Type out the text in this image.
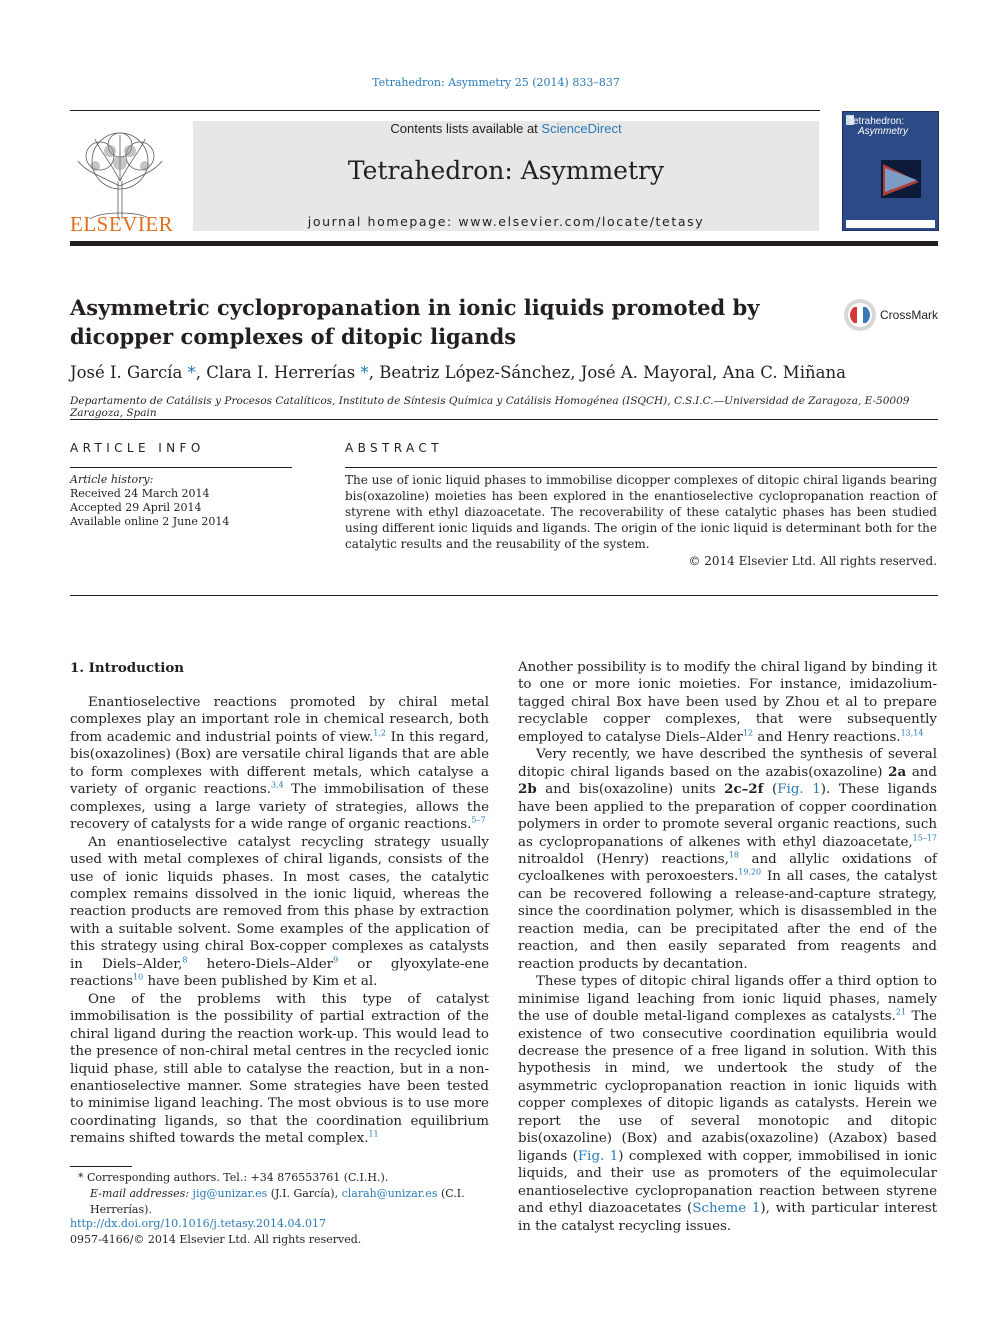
Tetrahedron: Asymmetry 25 (2014) 833–837
ELSEVIER
Contents lists available at ScienceDirect
Tetrahedron: Asymmetry
journal homepage: www.elsevier.com/locate/tetasy
Tetrahedron:
Asymmetry
Asymmetric cyclopropanation in ionic liquids promoted by dicopper complexes of ditopic ligands
CrossMark
José I. García *, Clara I. Herrerías *, Beatriz López-Sánchez, José A. Mayoral, Ana C. Miñana
Departamento de Catálisis y Procesos Catalíticos, Instituto de Síntesis Química y Catálisis Homogénea (ISQCH), C.S.I.C.—Universidad de Zaragoza, E-50009 Zaragoza, Spain
ARTICLE INFO
Article history:
Received 24 March 2014
Accepted 29 April 2014
Available online 2 June 2014
ABSTRACT
The use of ionic liquid phases to immobilise dicopper complexes of ditopic chiral ligands bearing bis(oxazoline) moieties has been explored in the enantioselective cyclopropanation reaction of styrene with ethyl diazoacetate. The recoverability of these catalytic phases has been studied using different ionic liquids and ligands. The origin of the ionic liquid is determinant both for the catalytic results and the reusability of the system.
© 2014 Elsevier Ltd. All rights reserved.
1. Introduction

Enantioselective reactions promoted by chiral metal complexes play an important role in chemical research, both from academic and industrial points of view.$^{1,2}$ In this regard, bis(oxazolines) (Box) are versatile chiral ligands that are able to form complexes with different metals, which catalyse a variety of organic reactions.$^{3,4}$ The immobilisation of these complexes, using a large variety of strategies, allows the recovery of catalysts for a wide range of organic reactions.$^{5-7}$

An enantioselective catalyst recycling strategy usually used with metal complexes of chiral ligands, consists of the use of ionic liquids phases. In most cases, the catalytic complex remains dissolved in the ionic liquid, whereas the reaction products are removed from this phase by extraction with a suitable solvent. Some examples of the application of this strategy using chiral Box-copper complexes as catalysts in Diels–Alder,$^8$ hetero-Diels–Alder$^9$ or glyoxylate-ene reactions$^{10}$ have been published by Kim et al.

One of the problems with this type of catalyst immobilisation is the possibility of partial extraction of the chiral ligand during the reaction work-up. This would lead to the presence of non-chiral metal centres in the recycled ionic liquid phase, still able to catalyse the reaction, but in a non-enantioselective manner. Some strategies have been tested to minimise ligand leaching. The most obvious is to use more coordinating ligands, so that the coordination equilibrium remains shifted towards the metal complex.$^{11}$

Another possibility is to modify the chiral ligand by binding it to one or more ionic moieties. For instance, imidazolium-tagged chiral Box have been used by Zhou et al to prepare recyclable copper complexes, that were subsequently employed to catalyse Diels–Alder$^{12}$ and Henry reactions.$^{13,14}$

Very recently, we have described the synthesis of several ditopic chiral ligands based on the azabis(oxazoline) 2a and 2b and bis(oxazoline) units 2c–2f (Fig. 1). These ligands have been applied to the preparation of copper coordination polymers in order to promote several organic reactions, such as cyclopropanations of alkenes with ethyl diazoacetate,$^{15-17}$ nitroaldol (Henry) reactions,$^{18}$ and allylic oxidations of cycloalkenes with peroxoesters.$^{19,20}$ In all cases, the catalyst can be recovered following a release-and-capture strategy, since the coordination polymer, which is disassembled in the reaction media, can be precipitated after the end of the reaction, and then easily separated from reagents and reaction products by decantation.

These types of ditopic chiral ligands offer a third option to minimise ligand leaching from ionic liquid phases, namely the use of double metal-ligand complexes as catalysts.$^{21}$ The existence of two consecutive coordination equilibria would decrease the presence of a free ligand in solution. With this hypothesis in mind, we undertook the study of the asymmetric cyclopropanation reaction in ionic liquids with copper complexes of ditopic ligands as catalysts. Herein we report the use of several monotopic and ditopic bis(oxazoline) (Box) and azabis(oxazoline) (Azabox) based ligands (Fig. 1) complexed with copper, immobilised in ionic liquids, and their use as promoters of the equimolecular enantioselective cyclopropanation reaction between styrene and ethyl diazoacetates (Scheme 1), with particular interest in the catalyst recycling issues.

* Corresponding authors. Tel.: +34 876553761 (C.I.H.).
E-mail addresses: jig@unizar.es (J.I. García), clarah@unizar.es (C.I. Herrerías).
http://dx.doi.org/10.1016/j.tetasy.2014.04.017
0957-4166/© 2014 Elsevier Ltd. All rights reserved.
